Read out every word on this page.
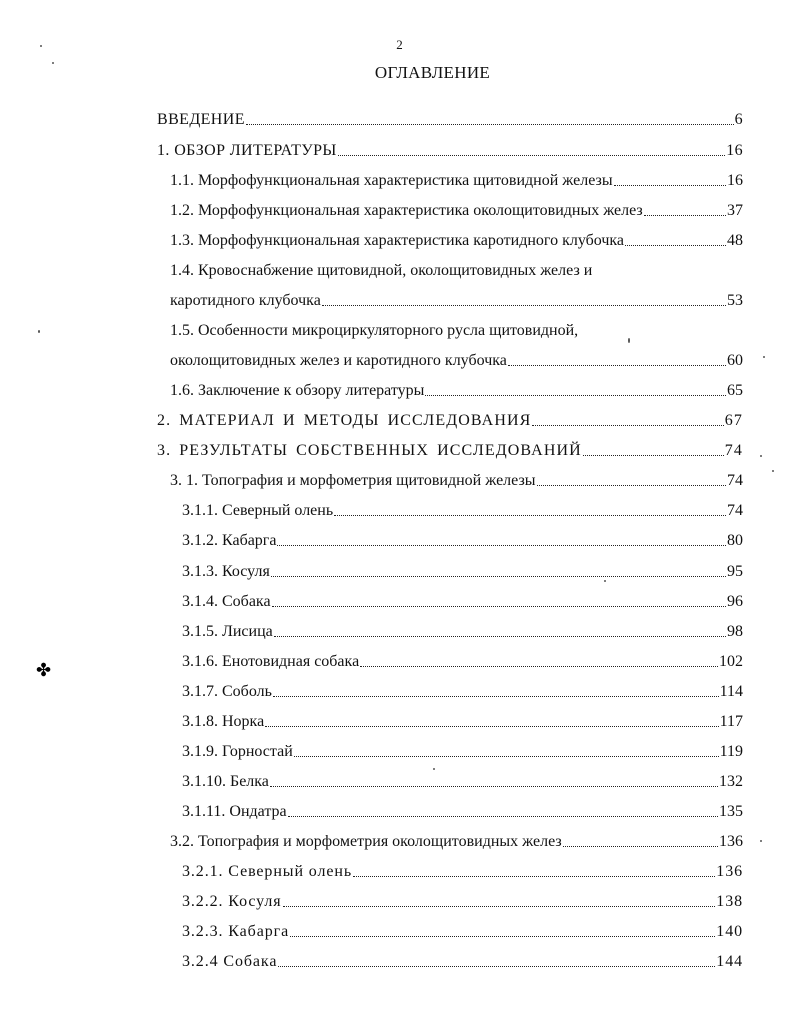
2
ОГЛАВЛЕНИЕ
ВВЕДЕНИЕ	6
1. ОБЗОР ЛИТЕРАТУРЫ	16
1.1. Морфофункциональная характеристика щитовидной железы	16
1.2. Морфофункциональная характеристика околощитовидных желез	37
1.3. Морфофункциональная характеристика каротидного клубочка	48
1.4. Кровоснабжение щитовидной, околощитовидных желез и
каротидного клубочка	53
1.5. Особенности микроциркуляторного русла щитовидной,
околощитовидных желез и каротидного клубочка	60
1.6. Заключение к обзору литературы	65
2. МАТЕРИАЛ И МЕТОДЫ ИССЛЕДОВАНИЯ	67
3. РЕЗУЛЬТАТЫ СОБСТВЕННЫХ ИССЛЕДОВАНИЙ	74
3. 1. Топография и морфометрия щитовидной железы	74
3.1.1. Северный олень	74
3.1.2. Кабарга	80
3.1.3. Косуля	95
3.1.4. Собака	96
3.1.5. Лисица	98
3.1.6. Енотовидная собака	102
3.1.7. Соболь	114
3.1.8. Норка	117
3.1.9. Горностай	119
3.1.10. Белка	132
3.1.11. Ондатра	135
3.2. Топография и морфометрия околощитовидных желез	136
3.2.1. Северный олень	136
3.2.2. Косуля	138
3.2.3. Кабарга	140
3.2.4 Собака	144
✤
